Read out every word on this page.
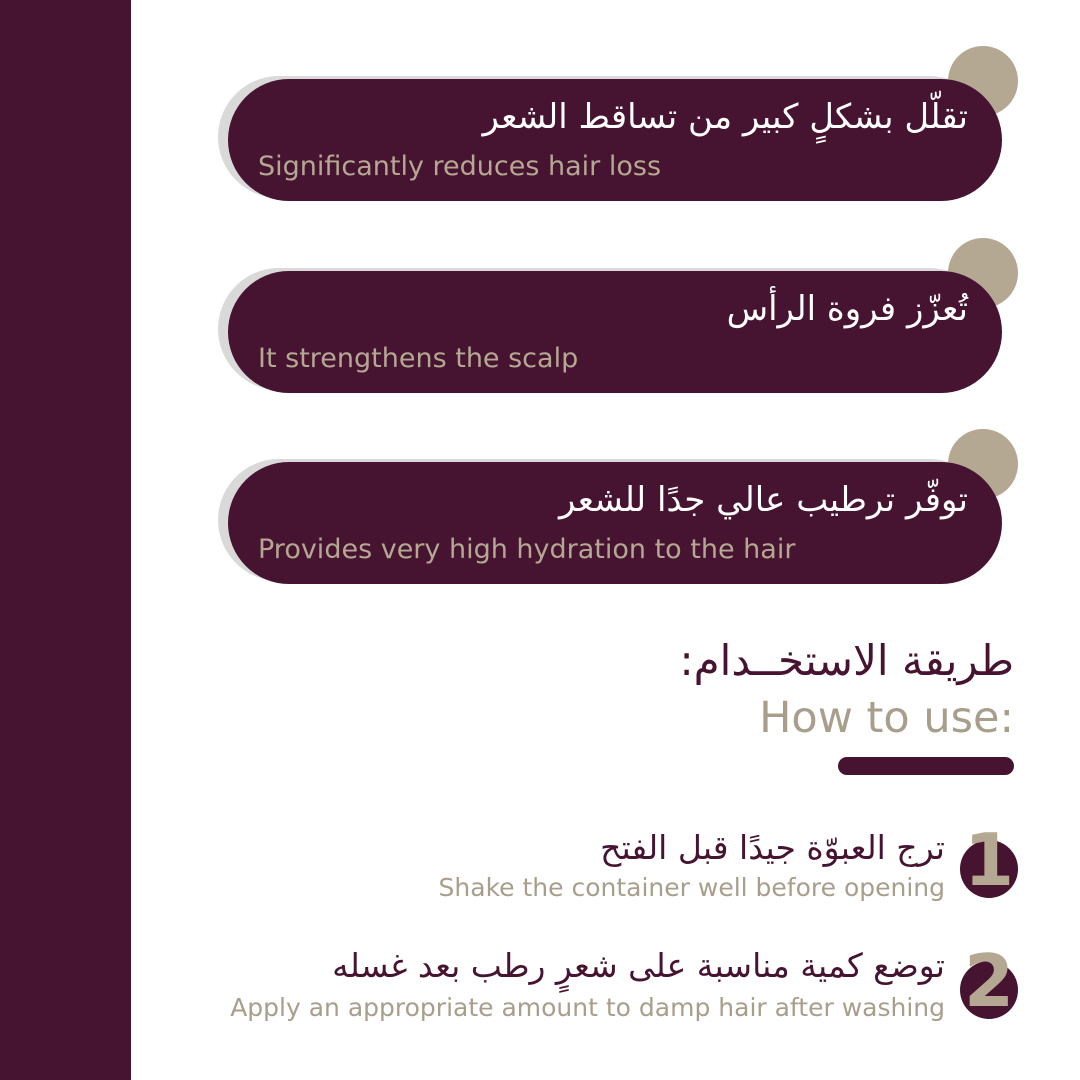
تقلّل بشكلٍ كبير من تساقط الشعر
Significantly reduces hair loss
تُعزّز فروة الرأس
It strengthens the scalp
توفّر ترطيب عالي جدًا للشعر
Provides very high hydration to the hair
طريقة الاستخــدام:
How to use:
1
ترج العبوّة جيدًا قبل الفتح
Shake the container well before opening
2
توضع كمية مناسبة على شعرٍ رطب بعد غسله
Apply an appropriate amount to damp hair after washing
